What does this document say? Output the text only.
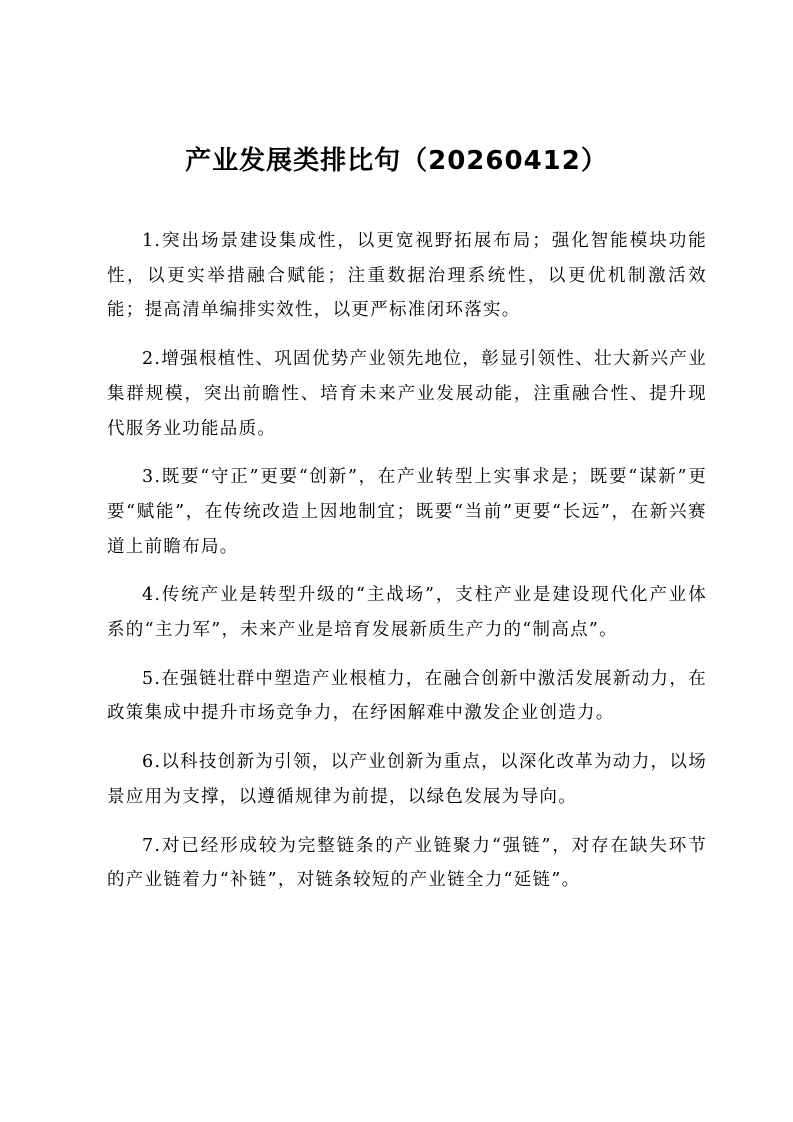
产业发展类排比句（20260412）

1.突出场景建设集成性，以更宽视野拓展布局；强化智能模块功能性，以更实举措融合赋能；注重数据治理系统性，以更优机制激活效能；提高清单编排实效性，以更严标准闭环落实。

2.增强根植性、巩固优势产业领先地位，彰显引领性、壮大新兴产业集群规模，突出前瞻性、培育未来产业发展动能，注重融合性、提升现代服务业功能品质。

3.既要“守正”更要“创新”，在产业转型上实事求是；既要“谋新”更要“赋能”，在传统改造上因地制宜；既要“当前”更要“长远”，在新兴赛道上前瞻布局。

4.传统产业是转型升级的“主战场”，支柱产业是建设现代化产业体系的“主力军”，未来产业是培育发展新质生产力的“制高点”。

5.在强链壮群中塑造产业根植力，在融合创新中激活发展新动力，在政策集成中提升市场竞争力，在纾困解难中激发企业创造力。

6.以科技创新为引领，以产业创新为重点，以深化改革为动力，以场景应用为支撑，以遵循规律为前提，以绿色发展为导向。

7.对已经形成较为完整链条的产业链聚力“强链”，对存在缺失环节的产业链着力“补链”，对链条较短的产业链全力“延链”。
